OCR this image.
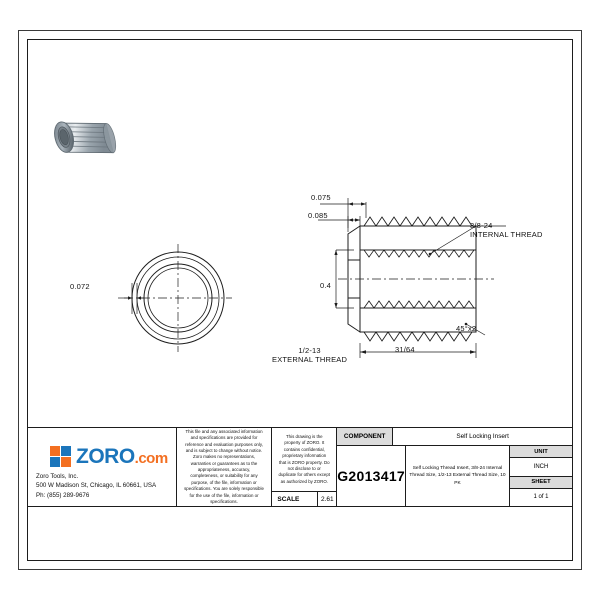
0.072
1/2-13
EXTERNAL THREAD
0.075
0.085
0.4
31/64
45°x2
3/8-24
INTERNAL THREAD
ZORO.com
Zoro Tools, Inc.
500 W Madison St, Chicago, IL 60661, USA
Ph: (855) 289-9676
This file and any associated information and specifications are provided for reference and evaluation purposes only, and is subject to change without notice. Zoro makes no representations, warranties or guarantees as to the appropriateness, accuracy, completeness, or suitability for any purpose, of the file, information or specifications. You are solely responsible for the use of the file, information or specifications.
This drawing is the property of ZORO. It contains confidential, proprietary information that is ZORO property. Do not disclose to or duplicate for others except as authorized by ZORO.
SCALE	2.61
COMPONENT	Self Locking Insert
G2013417	Self Locking Thread Insert, 3/8-24 Internal Thread Size, 1/2-13 External Thread Size, 10 PK
UNIT
INCH
SHEET
1 of 1
